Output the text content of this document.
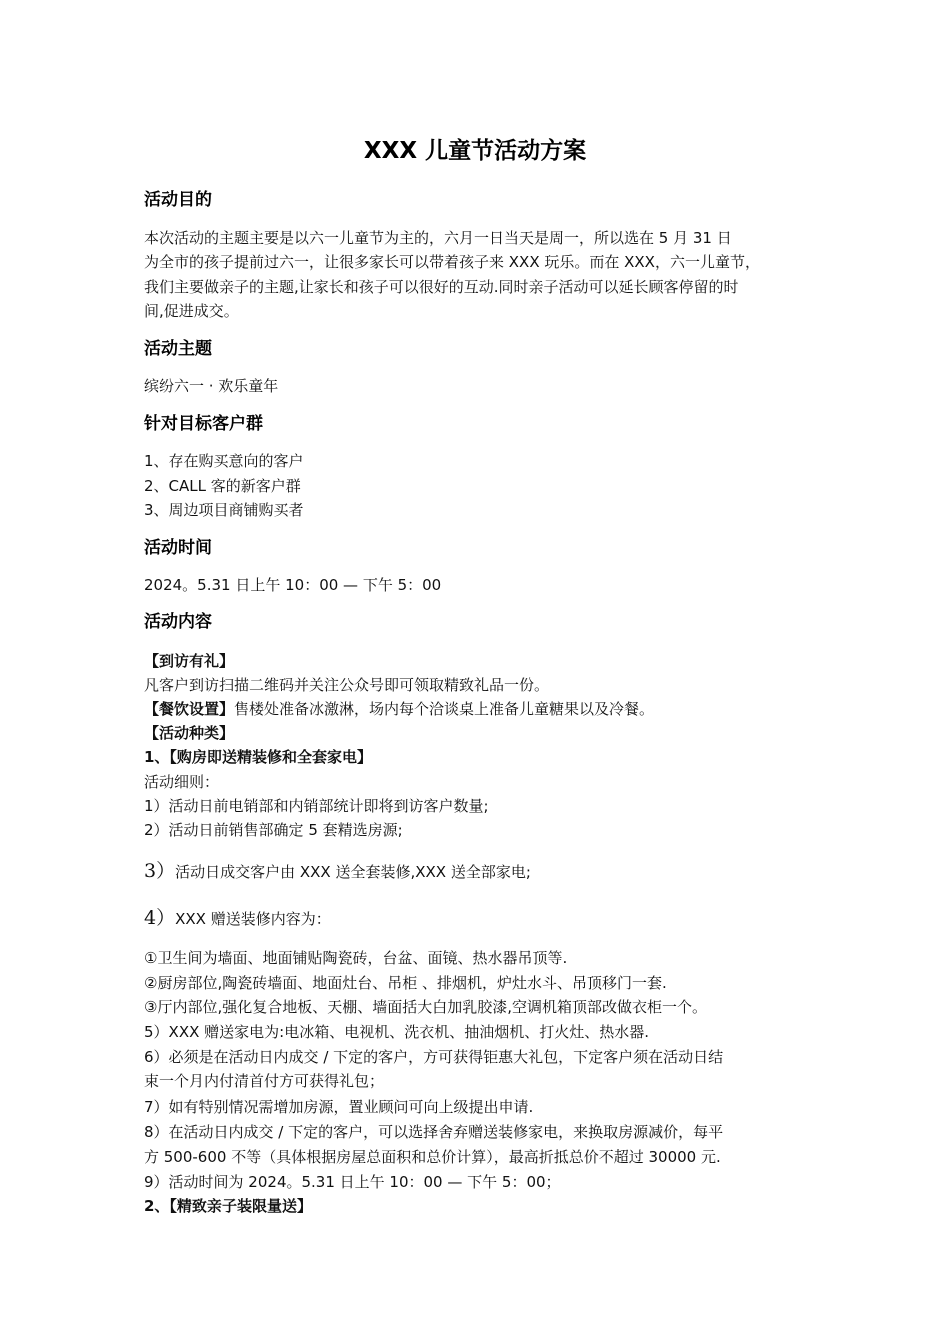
XXX 儿童节活动方案
活动目的
本次活动的主题主要是以六一儿童节为主的，六月一日当天是周一，所以选在 5 月 31 日
为全市的孩子提前过六一，让很多家长可以带着孩子来 XXX 玩乐。而在 XXX，六一儿童节，
我们主要做亲子的主题,让家长和孩子可以很好的互动.同时亲子活动可以延长顾客停留的时
间,促进成交。
活动主题
缤纷六一 · 欢乐童年
针对目标客户群
1、存在购买意向的客户
2、CALL 客的新客户群
3、周边项目商铺购买者
活动时间
2024。5.31 日上午 10：00 — 下午 5：00
活动内容
【到访有礼】
凡客户到访扫描二维码并关注公众号即可领取精致礼品一份。
【餐饮设置】售楼处准备冰激淋，场内每个洽谈桌上准备儿童糖果以及冷餐。
【活动种类】
1、【购房即送精装修和全套家电】
活动细则：
1）活动日前电销部和内销部统计即将到访客户数量;
2）活动日前销售部确定 5 套精选房源;
3）活动日成交客户由 XXX 送全套装修,XXX 送全部家电;
4）XXX 赠送装修内容为：
①卫生间为墙面、地面铺贴陶瓷砖，台盆、面镜、热水器吊顶等.
②厨房部位,陶瓷砖墙面、地面灶台、吊柜 、排烟机，炉灶水斗、吊顶移门一套.
③厅内部位,强化复合地板、天棚、墙面括大白加乳胶漆,空调机箱顶部改做衣柜一个。
5）XXX 赠送家电为:电冰箱、电视机、洗衣机、抽油烟机、打火灶、热水器.
6）必须是在活动日内成交 / 下定的客户，方可获得钜惠大礼包，下定客户须在活动日结
束一个月内付清首付方可获得礼包；
7）如有特别情况需增加房源，置业顾问可向上级提出申请.
8）在活动日内成交 / 下定的客户，可以选择舍弃赠送装修家电，来换取房源减价，每平
方 500-600 不等（具体根据房屋总面积和总价计算），最高折抵总价不超过 30000 元.
9）活动时间为 2024。5.31 日上午 10：00 — 下午 5：00；
2、【精致亲子装限量送】
